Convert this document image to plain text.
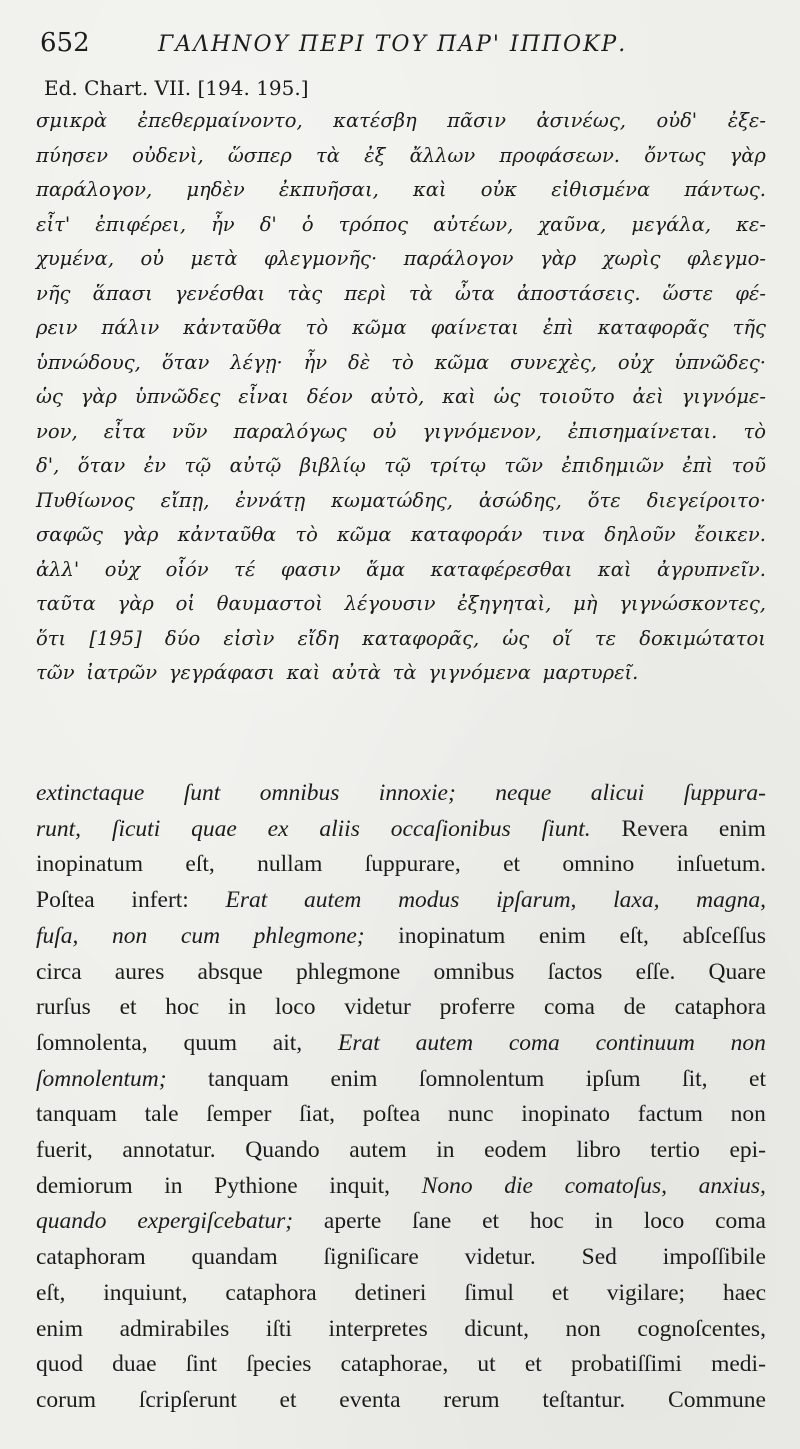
652	ΓΑΛΗΝΟΥ ΠΕΡΙ ΤΟΥ ΠΑΡ' ΙΠΠΟΚΡ.
Ed. Chart. VII. [194. 195.]
σμικρὰ ἐπεθερμαίνοντο, κατέσβη πᾶσιν ἀσινέως, οὐδ' ἐξε-
πύησεν οὐδενὶ, ὥσπερ τὰ ἐξ ἄλλων προφάσεων. ὄντως γὰρ
παράλογον, μηδὲν ἐκπυῆσαι, καὶ οὐκ εἰθισμένα πάντως.
εἶτ' ἐπιφέρει, ἦν δ' ὁ τρόπος αὐτέων, χαῦνα, μεγάλα, κε-
χυμένα, οὐ μετὰ φλεγμονῆς· παράλογον γὰρ χωρὶς φλεγμο-
νῆς ἅπασι γενέσθαι τὰς περὶ τὰ ὦτα ἀποστάσεις. ὥστε φέ-
ρειν πάλιν κἀνταῦθα τὸ κῶμα φαίνεται ἐπὶ καταφορᾶς τῆς
ὑπνώδους, ὅταν λέγῃ· ἦν δὲ τὸ κῶμα συνεχὲς, οὐχ ὑπνῶδες·
ὡς γὰρ ὑπνῶδες εἶναι δέον αὐτὸ, καὶ ὡς τοιοῦτο ἀεὶ γιγνόμε-
νον, εἶτα νῦν παραλόγως οὐ γιγνόμενον, ἐπισημαίνεται. τὸ
δ', ὅταν ἐν τῷ αὐτῷ βιβλίῳ τῷ τρίτῳ τῶν ἐπιδημιῶν ἐπὶ τοῦ
Πυθίωνος εἴπῃ, ἐννάτῃ κωματώδης, ἀσώδης, ὅτε διεγείροιτο·
σαφῶς γὰρ κἀνταῦθα τὸ κῶμα καταφοράν τινα δηλοῦν ἔοικεν.
ἀλλ' οὐχ οἷόν τέ φασιν ἅμα καταφέρεσθαι καὶ ἀγρυπνεῖν.
ταῦτα γὰρ οἱ θαυμαστοὶ λέγουσιν ἐξηγηταὶ, μὴ γιγνώσκοντες,
ὅτι [195] δύο εἰσὶν εἴδη καταφορᾶς, ὡς οἵ τε δοκιμώτατοι
τῶν ἰατρῶν γεγράφασι καὶ αὐτὰ τὰ γιγνόμενα μαρτυρεῖ.
extinctaque ſunt omnibus innoxie; neque alicui ſuppura-
runt, ſicuti quae ex aliis occaſionibus ſiunt. Revera enim
inopinatum eſt, nullam ſuppurare, et omnino inſuetum.
Poſtea infert: Erat autem modus ipſarum, laxa, magna,
fuſa, non cum phlegmone; inopinatum enim eſt, abſceſſus
circa aures absque phlegmone omnibus ſactos eſſe. Quare
rurſus et hoc in loco videtur proferre coma de cataphora
ſomnolenta, quum ait, Erat autem coma continuum non
ſomnolentum; tanquam enim ſomnolentum ipſum ſit, et
tanquam tale ſemper ſiat, poſtea nunc inopinato factum non
fuerit, annotatur. Quando autem in eodem libro tertio epi-
demiorum in Pythione inquit, Nono die comatoſus, anxius,
quando expergiſcebatur; aperte ſane et hoc in loco coma
cataphoram quandam ſigniſicare videtur. Sed impoſſibile
eſt, inquiunt, cataphora detineri ſimul et vigilare; haec
enim admirabiles iſti interpretes dicunt, non cognoſcentes,
quod duae ſint ſpecies cataphorae, ut et probatiſſimi medi-
corum ſcripſerunt et eventa rerum teſtantur. Commune
